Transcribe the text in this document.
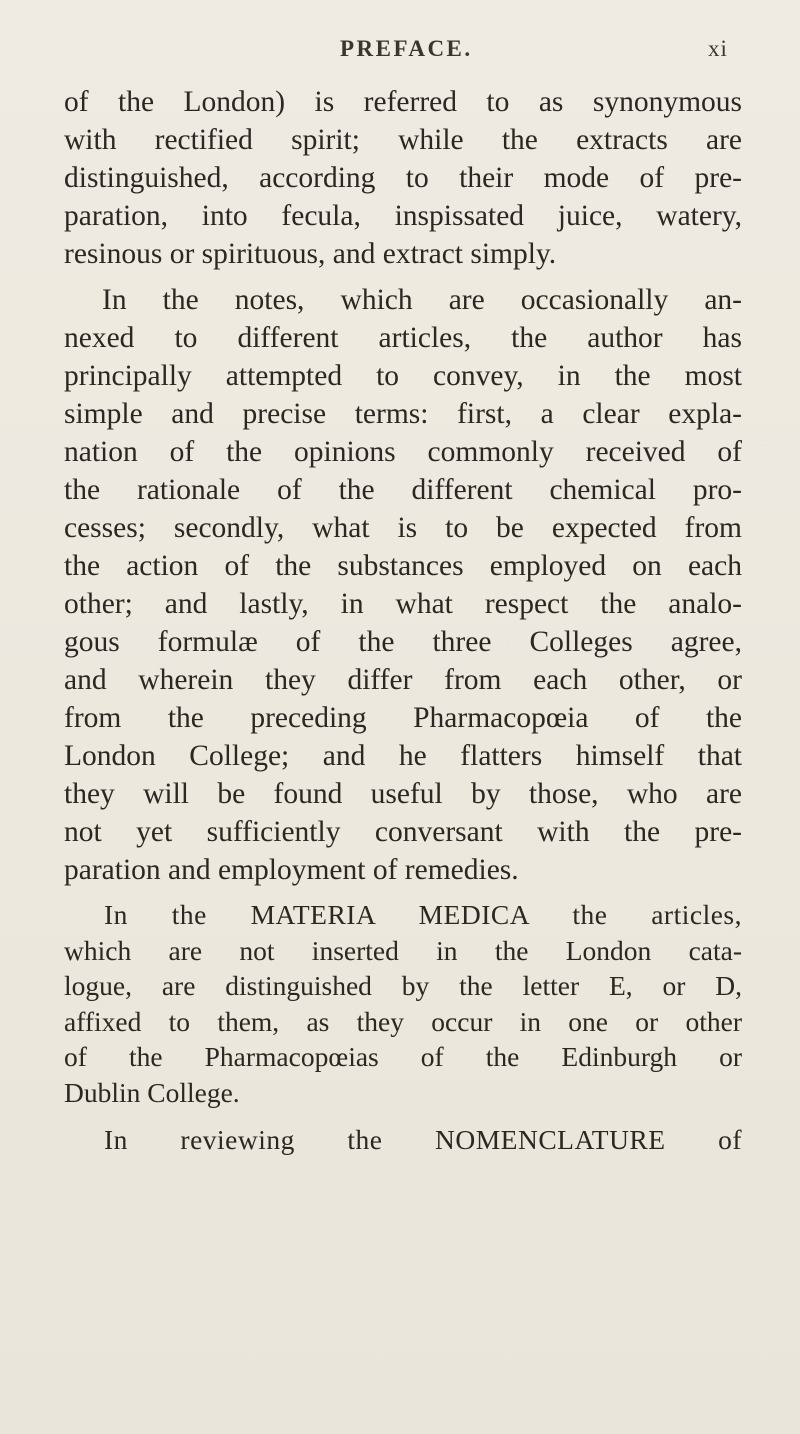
PREFACE.	xi
of the London) is referred to as synonymous
with rectified spirit; while the extracts are
distinguished, according to their mode of pre-
paration, into fecula, inspissated juice, watery,
resinous or spirituous, and extract simply.
In the notes, which are occasionally an-
nexed to different articles, the author has
principally attempted to convey, in the most
simple and precise terms: first, a clear expla-
nation of the opinions commonly received of
the rationale of the different chemical pro-
cesses; secondly, what is to be expected from
the action of the substances employed on each
other; and lastly, in what respect the analo-
gous formulæ of the three Colleges agree,
and wherein they differ from each other, or
from the preceding Pharmacopœia of the
London College; and he flatters himself that
they will be found useful by those, who are
not yet sufficiently conversant with the pre-
paration and employment of remedies.
In the MATERIA MEDICA the articles,
which are not inserted in the London cata-
logue, are distinguished by the letter E, or D,
affixed to them, as they occur in one or other
of the Pharmacopœias of the Edinburgh or
Dublin College.
In reviewing the NOMENCLATURE of
